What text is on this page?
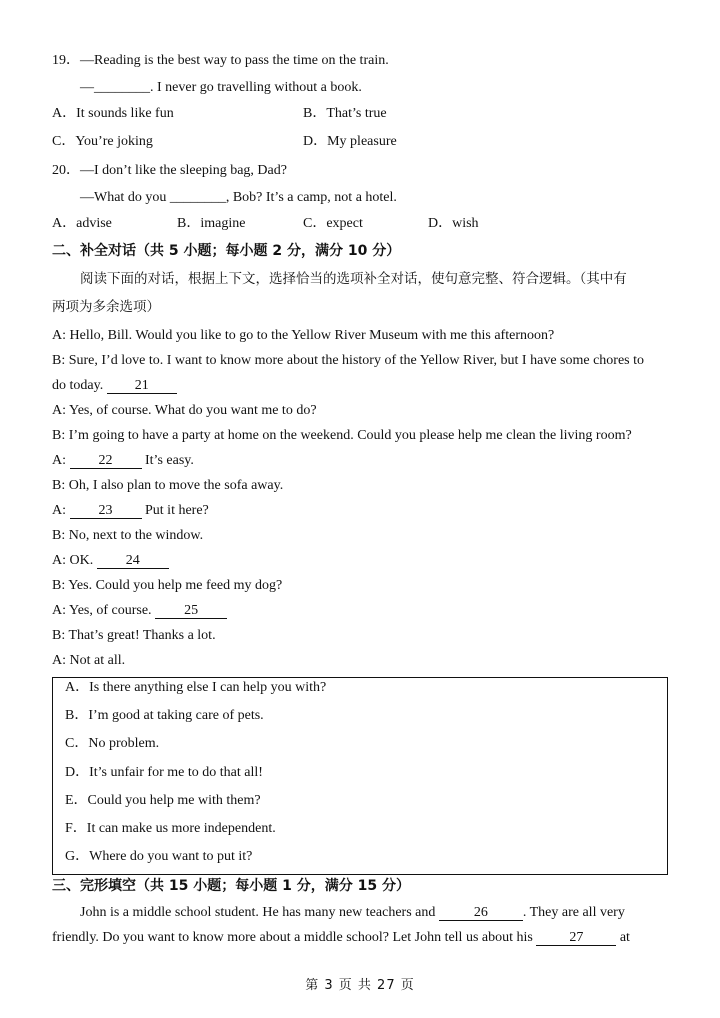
19．—Reading is the best way to pass the time on the train.
—________. I never go travelling without a book.
A．It sounds like fun	B．That’s true
C．You’re joking	D．My pleasure
20．—I don’t like the sleeping bag, Dad?
—What do you ________, Bob? It’s a camp, not a hotel.
A．advise	B．imagine	C．expect	D．wish
二、补全对话（共 5 小题；每小题 2 分，满分 10 分）
阅读下面的对话，根据上下文，选择恰当的选项补全对话，使句意完整、符合逻辑。（其中有
两项为多余选项）
A: Hello, Bill. Would you like to go to the Yellow River Museum with me this afternoon?
B: Sure, I’d love to. I want to know more about the history of the Yellow River, but I have some chores to
do today. 21
A: Yes, of course. What do you want me to do?
B: I’m going to have a party at home on the weekend. Could you please help me clean the living room?
A: 22 It’s easy.
B: Oh, I also plan to move the sofa away.
A: 23 Put it here?
B: No, next to the window.
A: OK. 24
B: Yes. Could you help me feed my dog?
A: Yes, of course. 25
B: That’s great! Thanks a lot.
A: Not at all.
A．Is there anything else I can help you with?
B．I’m good at taking care of pets.
C．No problem.
D．It’s unfair for me to do that all!
E．Could you help me with them?
F．It can make us more independent.
G．Where do you want to put it?
三、完形填空（共 15 小题；每小题 1 分，满分 15 分）
John is a middle school student. He has many new teachers and	26	. They are all very
friendly. Do you want to know more about a middle school? Let John tell us about his 27 at
第 3 页 共 27 页
